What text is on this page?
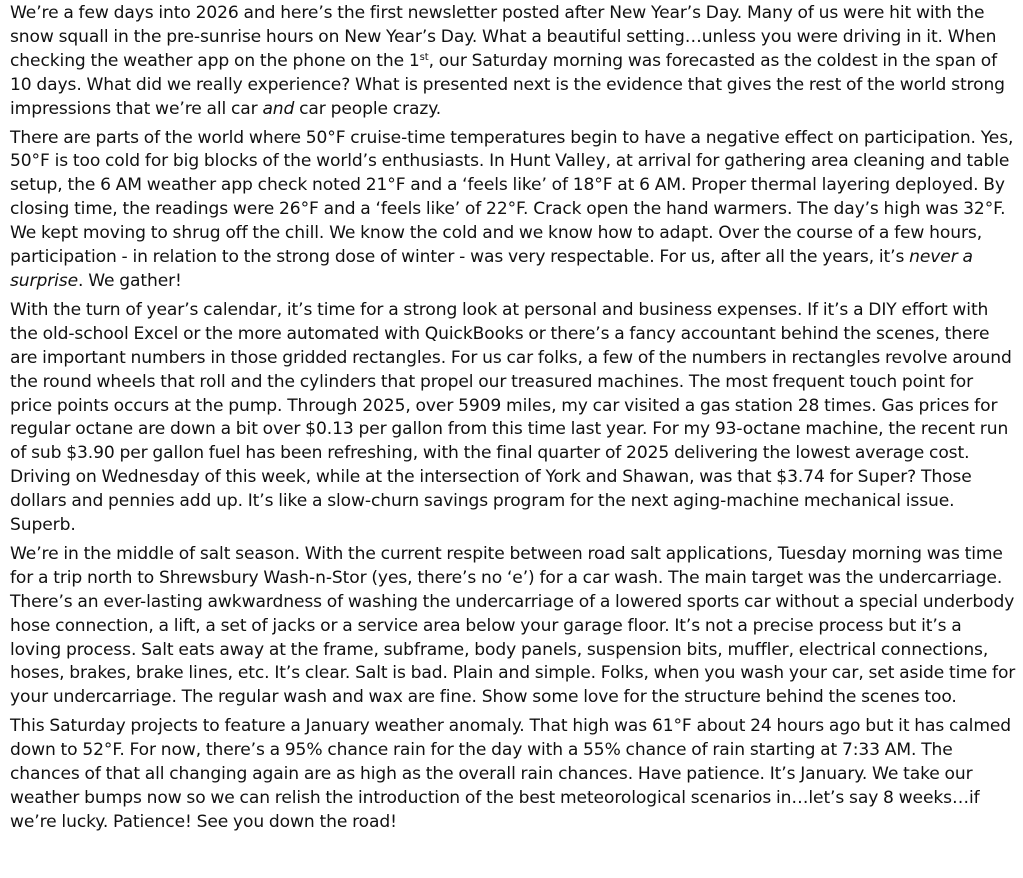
We’re a few days into 2026 and here’s the first newsletter posted after New Year’s Day. Many of us were hit with the snow squall in the pre-sunrise hours on New Year’s Day. What a beautiful setting…unless you were driving in it. When checking the weather app on the phone on the 1st, our Saturday morning was forecasted as the coldest in the span of 10 days. What did we really experience? What is presented next is the evidence that gives the rest of the world strong impressions that we’re all car and car people crazy.

There are parts of the world where 50°F cruise-time temperatures begin to have a negative effect on participation. Yes, 50°F is too cold for big blocks of the world’s enthusiasts. In Hunt Valley, at arrival for gathering area cleaning and table setup, the 6 AM weather app check noted 21°F and a ‘feels like’ of 18°F at 6 AM. Proper thermal layering deployed. By closing time, the readings were 26°F and a ‘feels like’ of 22°F. Crack open the hand warmers. The day’s high was 32°F. We kept moving to shrug off the chill. We know the cold and we know how to adapt. Over the course of a few hours, participation - in relation to the strong dose of winter - was very respectable. For us, after all the years, it’s never a surprise. We gather!

With the turn of year’s calendar, it’s time for a strong look at personal and business expenses. If it’s a DIY effort with the old-school Excel or the more automated with QuickBooks or there’s a fancy accountant behind the scenes, there are important numbers in those gridded rectangles. For us car folks, a few of the numbers in rectangles revolve around the round wheels that roll and the cylinders that propel our treasured machines. The most frequent touch point for price points occurs at the pump. Through 2025, over 5909 miles, my car visited a gas station 28 times. Gas prices for regular octane are down a bit over $0.13 per gallon from this time last year. For my 93-octane machine, the recent run of sub $3.90 per gallon fuel has been refreshing, with the final quarter of 2025 delivering the lowest average cost. Driving on Wednesday of this week, while at the intersection of York and Shawan, was that $3.74 for Super? Those dollars and pennies add up. It’s like a slow-churn savings program for the next aging-machine mechanical issue. Superb.

We’re in the middle of salt season. With the current respite between road salt applications, Tuesday morning was time for a trip north to Shrewsbury Wash-n-Stor (yes, there’s no ‘e’) for a car wash. The main target was the undercarriage. There’s an ever-lasting awkwardness of washing the undercarriage of a lowered sports car without a special underbody hose connection, a lift, a set of jacks or a service area below your garage floor. It’s not a precise process but it’s a loving process. Salt eats away at the frame, subframe, body panels, suspension bits, muffler, electrical connections, hoses, brakes, brake lines, etc. It’s clear. Salt is bad. Plain and simple. Folks, when you wash your car, set aside time for your undercarriage. The regular wash and wax are fine. Show some love for the structure behind the scenes too.

This Saturday projects to feature a January weather anomaly. That high was 61°F about 24 hours ago but it has calmed down to 52°F. For now, there’s a 95% chance rain for the day with a 55% chance of rain starting at 7:33 AM. The chances of that all changing again are as high as the overall rain chances. Have patience. It’s January. We take our weather bumps now so we can relish the introduction of the best meteorological scenarios in…let’s say 8 weeks…if we’re lucky. Patience! See you down the road!
